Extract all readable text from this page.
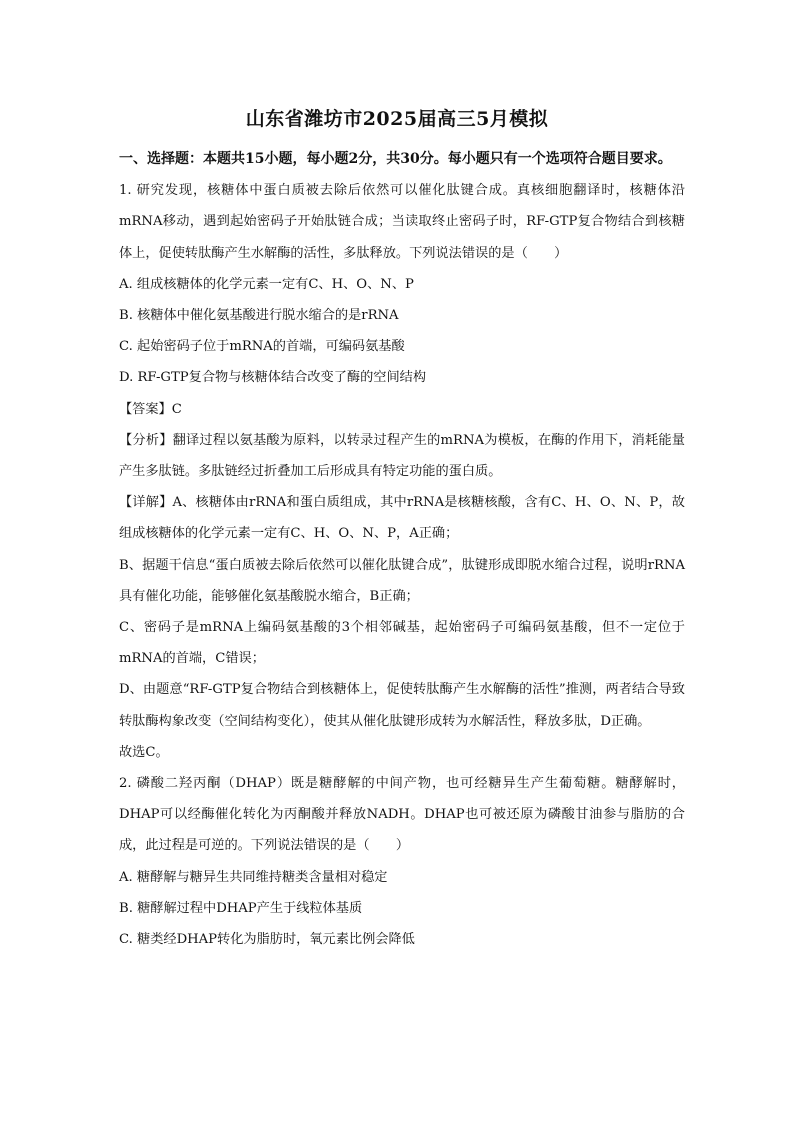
山东省潍坊市2025届高三5月模拟

一、选择题：本题共15小题，每小题2分，共30分。每小题只有一个选项符合题目要求。

1. 研究发现，核糖体中蛋白质被去除后依然可以催化肽键合成。真核细胞翻译时，核糖体沿mRNA移动，遇到起始密码子开始肽链合成；当读取终止密码子时，RF-GTP复合物结合到核糖体上，促使转肽酶产生水解酶的活性，多肽释放。下列说法错误的是（　　）

A. 组成核糖体的化学元素一定有C、H、O、N、P

B. 核糖体中催化氨基酸进行脱水缩合的是rRNA

C. 起始密码子位于mRNA的首端，可编码氨基酸

D. RF-GTP复合物与核糖体结合改变了酶的空间结构

【答案】C

【分析】翻译过程以氨基酸为原料，以转录过程产生的mRNA为模板，在酶的作用下，消耗能量产生多肽链。多肽链经过折叠加工后形成具有特定功能的蛋白质。

【详解】A、核糖体由rRNA和蛋白质组成，其中rRNA是核糖核酸，含有C、H、O、N、P，故组成核糖体的化学元素一定有C、H、O、N、P，A正确；

B、据题干信息“蛋白质被去除后依然可以催化肽键合成”，肽键形成即脱水缩合过程，说明rRNA具有催化功能，能够催化氨基酸脱水缩合，B正确；

C、密码子是mRNA上编码氨基酸的3个相邻碱基，起始密码子可编码氨基酸，但不一定位于mRNA的首端，C错误；

D、由题意“RF-GTP复合物结合到核糖体上，促使转肽酶产生水解酶的活性”推测，两者结合导致转肽酶构象改变（空间结构变化），使其从催化肽键形成转为水解活性，释放多肽，D正确。

故选C。

2. 磷酸二羟丙酮（DHAP）既是糖酵解的中间产物，也可经糖异生产生葡萄糖。糖酵解时，DHAP可以经酶催化转化为丙酮酸并释放NADH。DHAP也可被还原为磷酸甘油参与脂肪的合成，此过程是可逆的。下列说法错误的是（　　）

A. 糖酵解与糖异生共同维持糖类含量相对稳定

B. 糖酵解过程中DHAP产生于线粒体基质

C. 糖类经DHAP转化为脂肪时，氧元素比例会降低
